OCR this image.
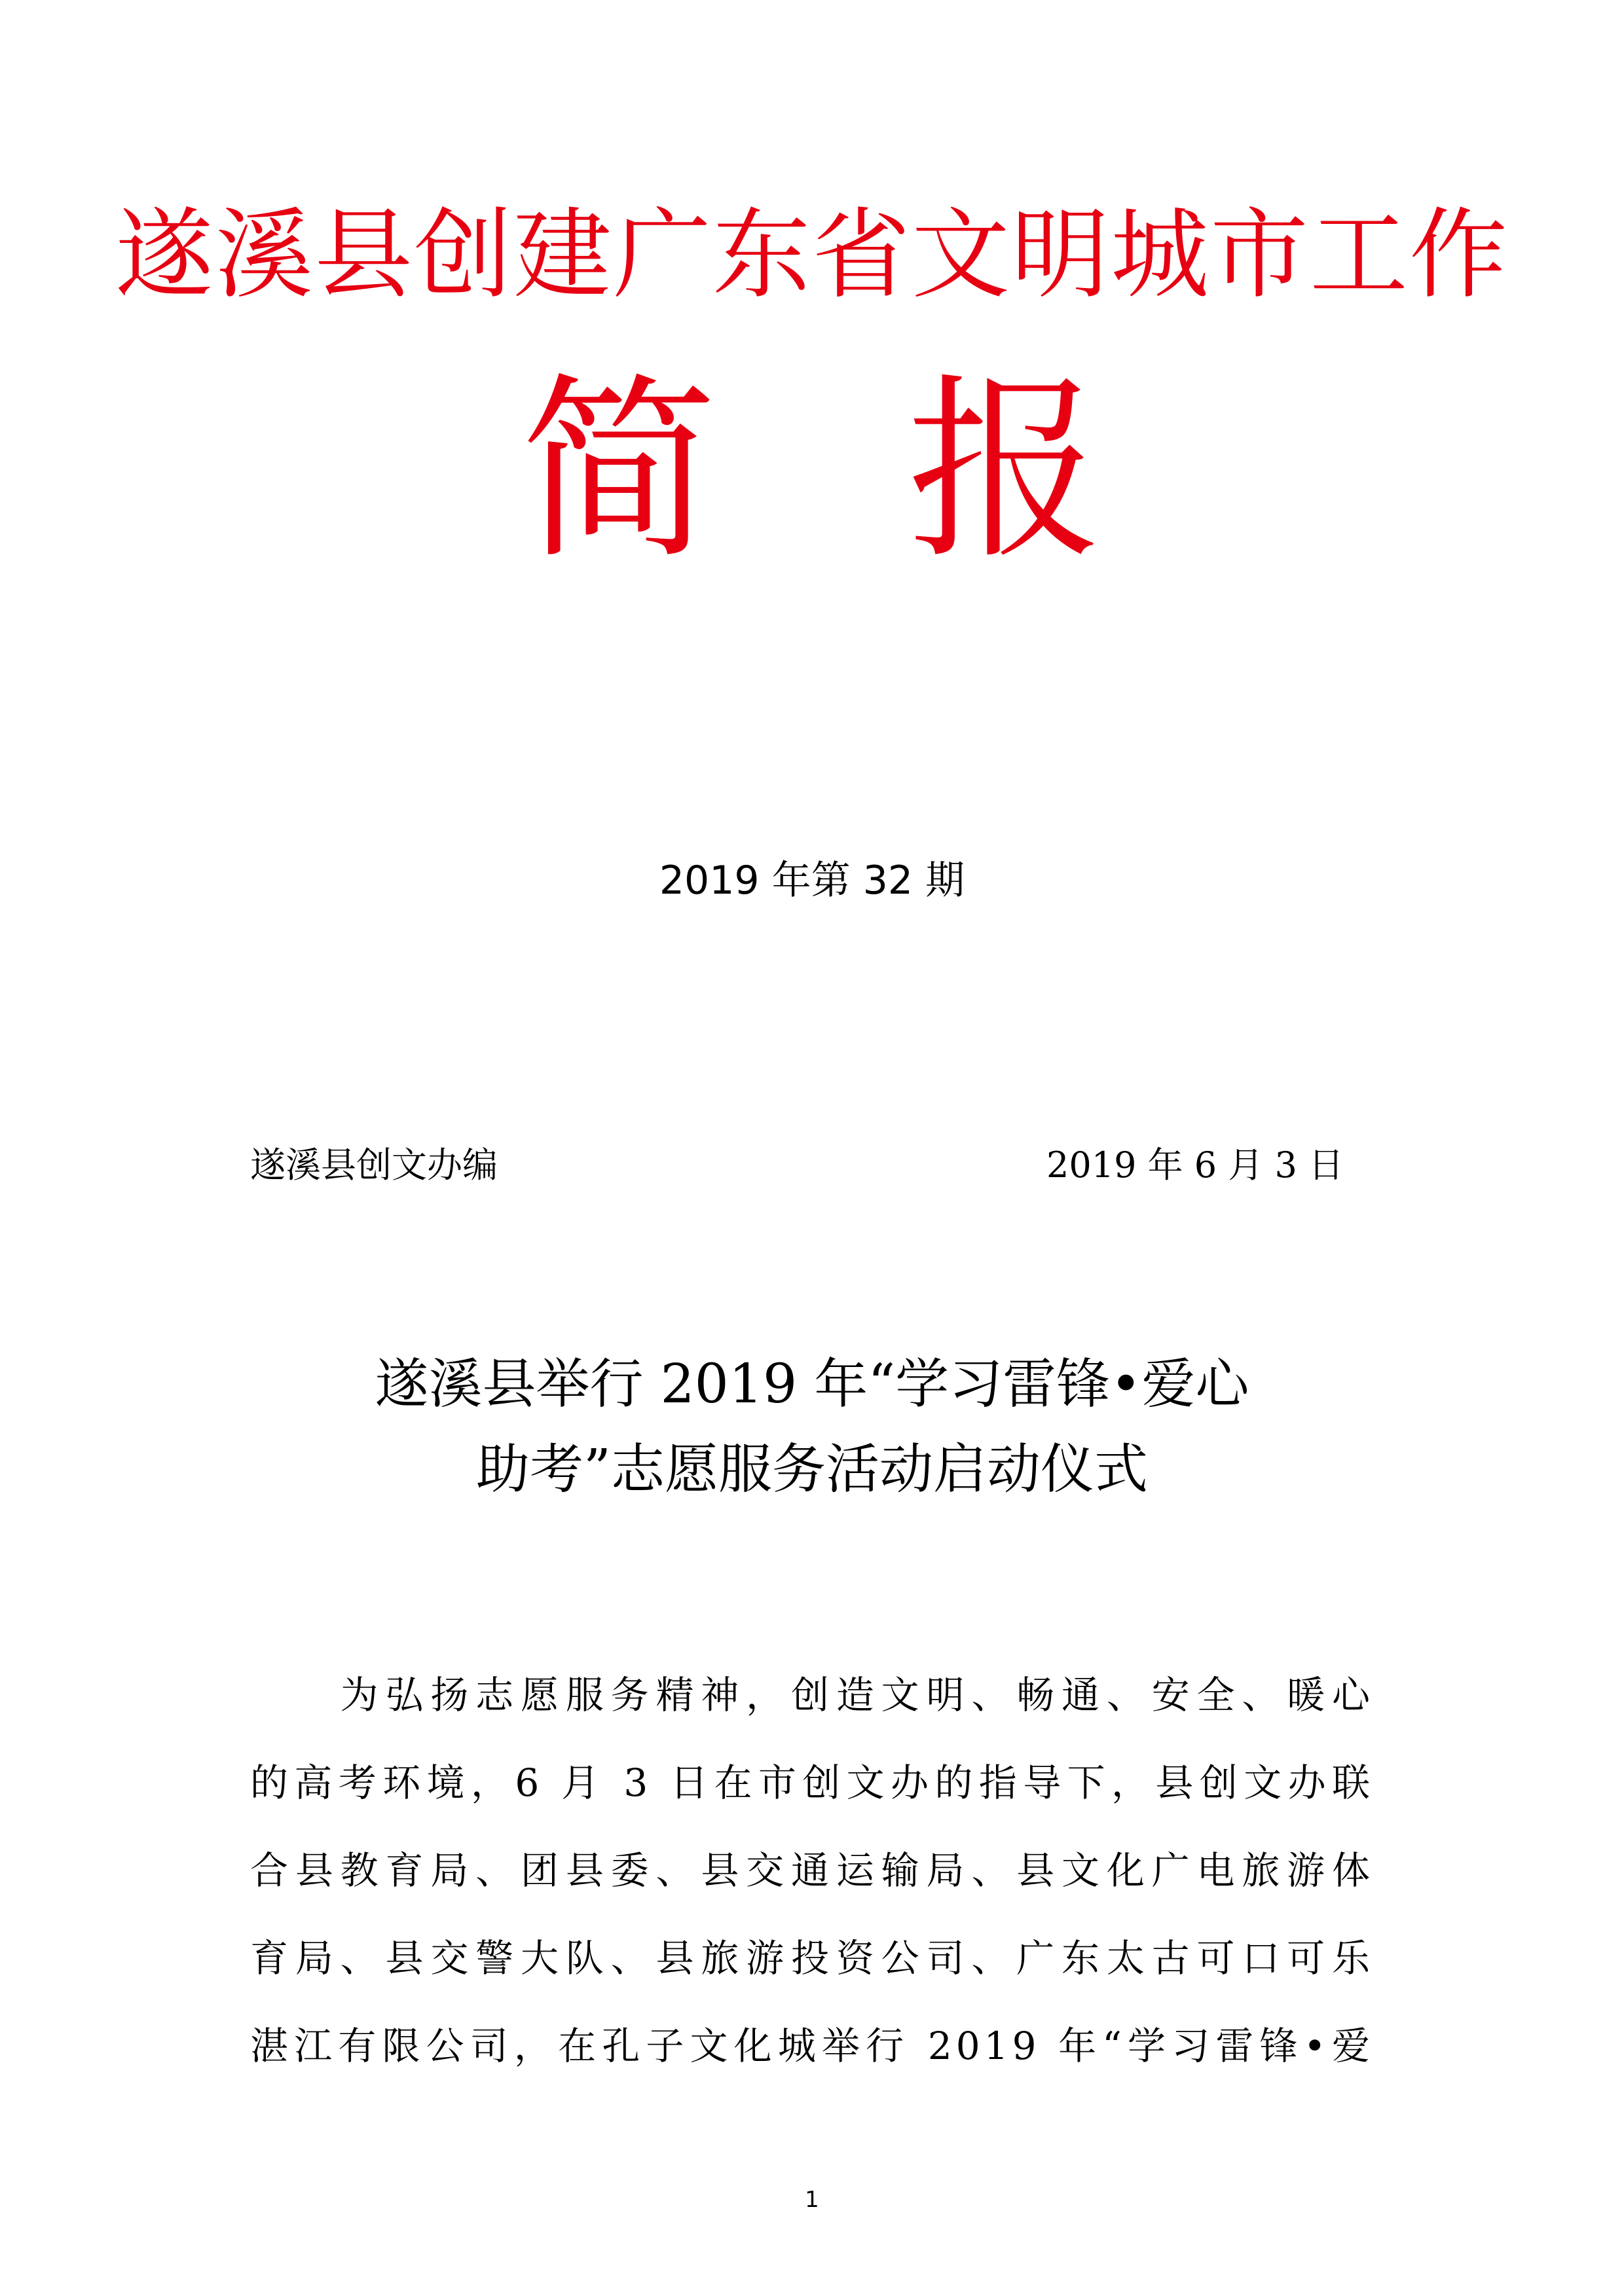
遂溪县创建广东省文明城市工作
简 报
2019 年第 32 期
遂溪县创文办编	2019 年 6 月 3 日
遂溪县举行 2019 年“学习雷锋•爱心
助考”志愿服务活动启动仪式
　　为弘扬志愿服务精神，创造文明、畅通、安全、暖心
的高考环境，6 月 3 日在市创文办的指导下，县创文办联
合县教育局、团县委、县交通运输局、县文化广电旅游体
育局、县交警大队、县旅游投资公司、广东太古可口可乐
湛江有限公司，在孔子文化城举行 2019 年“学习雷锋•爱
1
